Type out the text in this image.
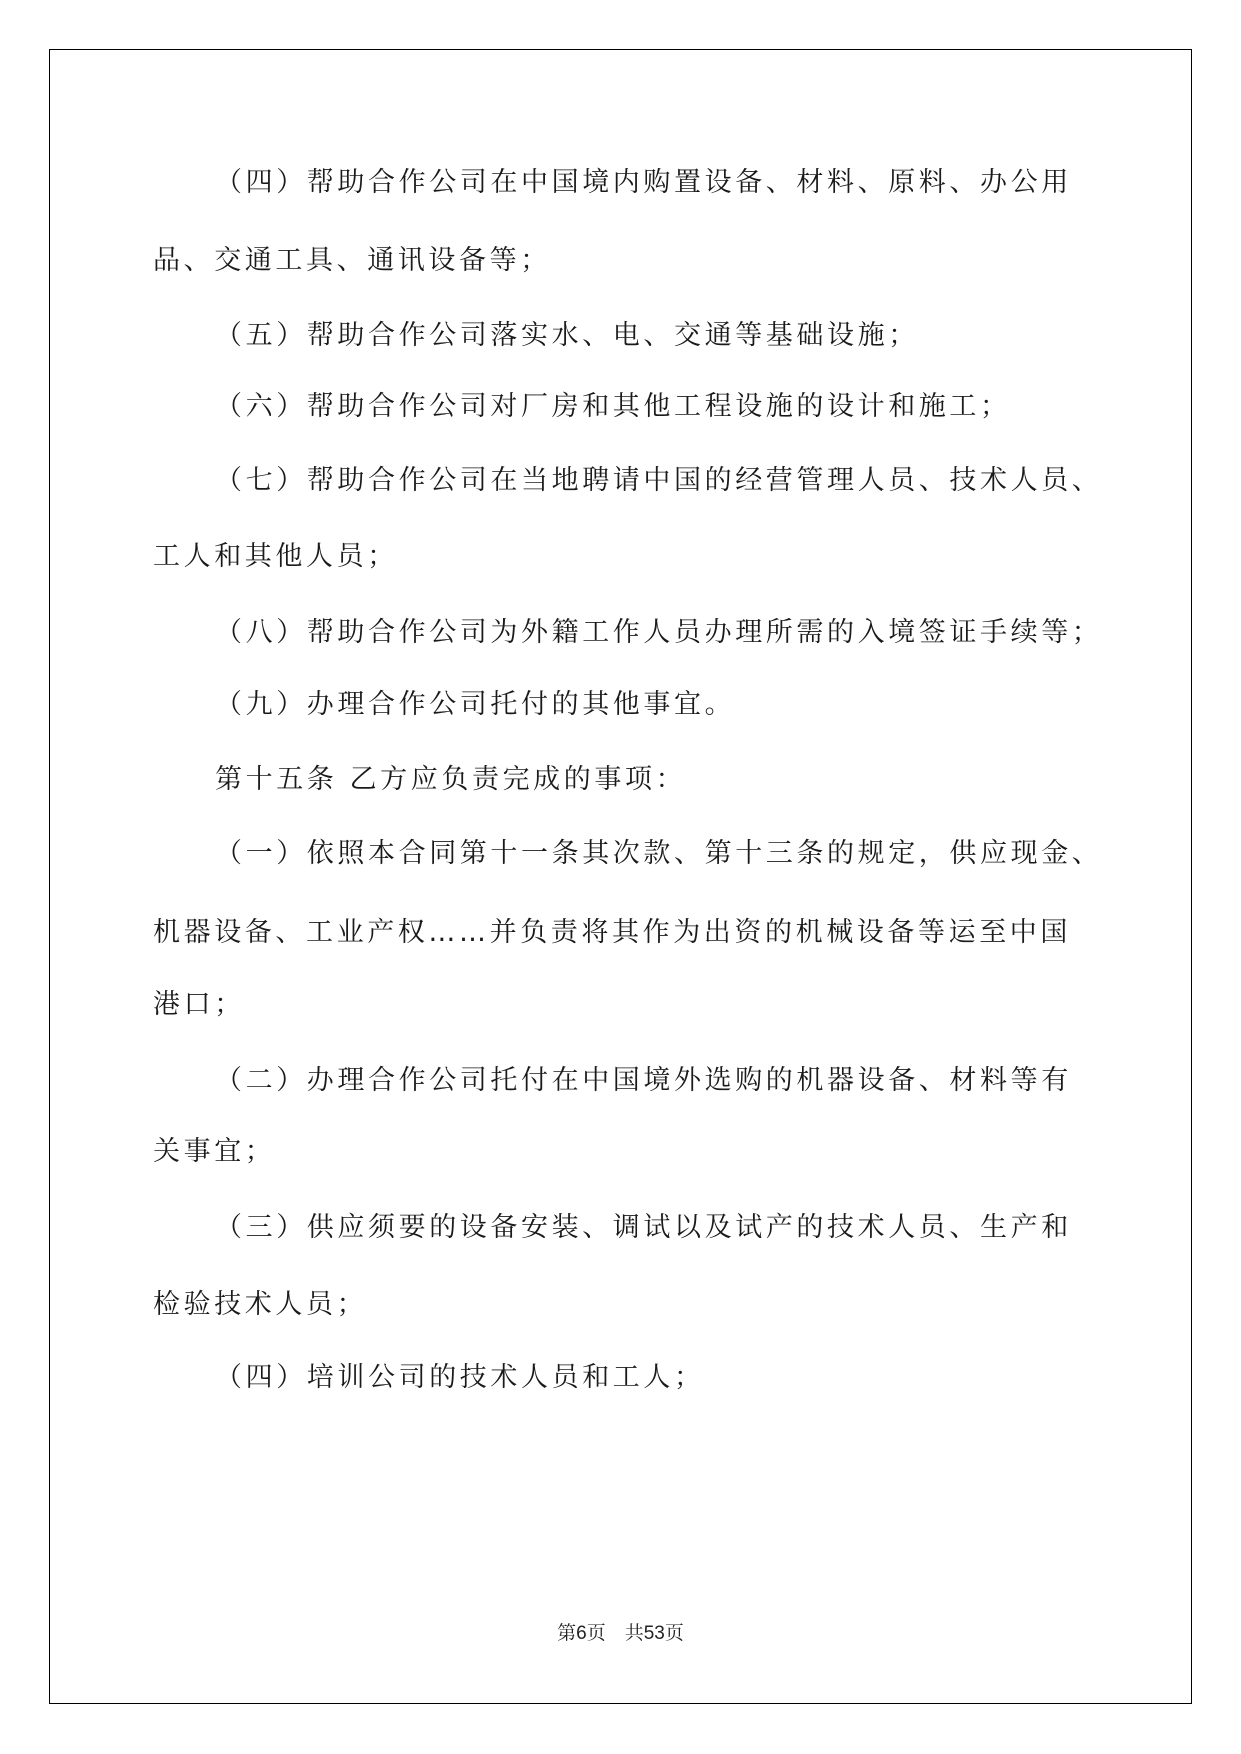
（四）帮助合作公司在中国境内购置设备、材料、原料、办公用
品、交通工具、通讯设备等；
（五）帮助合作公司落实水、电、交通等基础设施；
（六）帮助合作公司对厂房和其他工程设施的设计和施工；
（七）帮助合作公司在当地聘请中国的经营管理人员、技术人员、
工人和其他人员；
（八）帮助合作公司为外籍工作人员办理所需的入境签证手续等；
（九）办理合作公司托付的其他事宜。
第十五条 乙方应负责完成的事项：
（一）依照本合同第十一条其次款、第十三条的规定，供应现金、
机器设备、工业产权……并负责将其作为出资的机械设备等运至中国
港口；
（二）办理合作公司托付在中国境外选购的机器设备、材料等有
关事宜；
（三）供应须要的设备安装、调试以及试产的技术人员、生产和
检验技术人员；
（四）培训公司的技术人员和工人；
第6页　共53页
